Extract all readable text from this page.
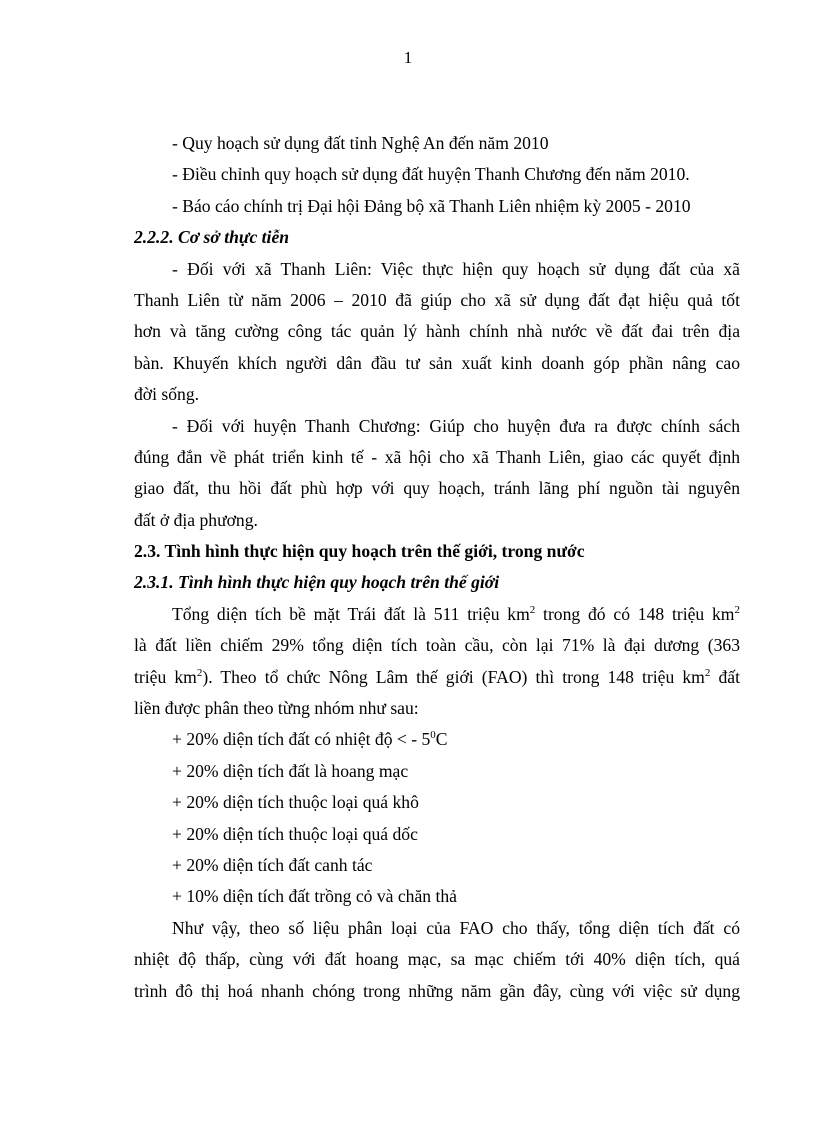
1
- Quy hoạch sử dụng đất tỉnh Nghệ An đến năm 2010
- Điều chỉnh quy hoạch sử dụng đất huyện Thanh Chương đến năm 2010.
- Báo cáo chính trị Đại hội Đảng bộ xã Thanh Liên nhiệm kỳ 2005 - 2010
2.2.2. Cơ sở thực tiễn
- Đối với xã Thanh Liên: Việc thực hiện quy hoạch sử dụng đất của xã
Thanh Liên từ năm 2006 – 2010 đã giúp cho xã sử dụng đất đạt hiệu quả tốt
hơn và tăng cường công tác quản lý hành chính nhà nước về đất đai trên địa
bàn. Khuyến khích người dân đầu tư sản xuất kinh doanh góp phần nâng cao
đời sống.
- Đối với huyện Thanh Chương: Giúp cho huyện đưa ra được chính sách
đúng đắn về phát triển kinh tế - xã hội cho xã Thanh Liên, giao các quyết định
giao đất, thu hồi đất phù hợp với quy hoạch, tránh lãng phí nguồn tài nguyên
đất ở địa phương.
2.3. Tình hình thực hiện quy hoạch trên thế giới, trong nước
2.3.1. Tình hình thực hiện quy hoạch trên thế giới
Tổng diện tích bề mặt Trái đất là 511 triệu $km^2$ trong đó có 148 triệu $km^2$
là đất liền chiếm 29% tổng diện tích toàn cầu, còn lại 71% là đại dương (363
triệu $km^2$). Theo tổ chức Nông Lâm thế giới (FAO) thì trong 148 triệu $km^2$ đất
liền được phân theo từng nhóm như sau:
+ 20% diện tích đất có nhiệt độ < - $5^0C$
+ 20% diện tích đất là hoang mạc
+ 20% diện tích thuộc loại quá khô
+ 20% diện tích thuộc loại quá dốc
+ 20% diện tích đất canh tác
+ 10% diện tích đất trồng cỏ và chăn thả
Như vậy, theo số liệu phân loại của FAO cho thấy, tổng diện tích đất có
nhiệt độ thấp, cùng với đất hoang mạc, sa mạc chiếm tới 40% diện tích, quá
trình đô thị hoá nhanh chóng trong những năm gần đây, cùng với việc sử dụng
